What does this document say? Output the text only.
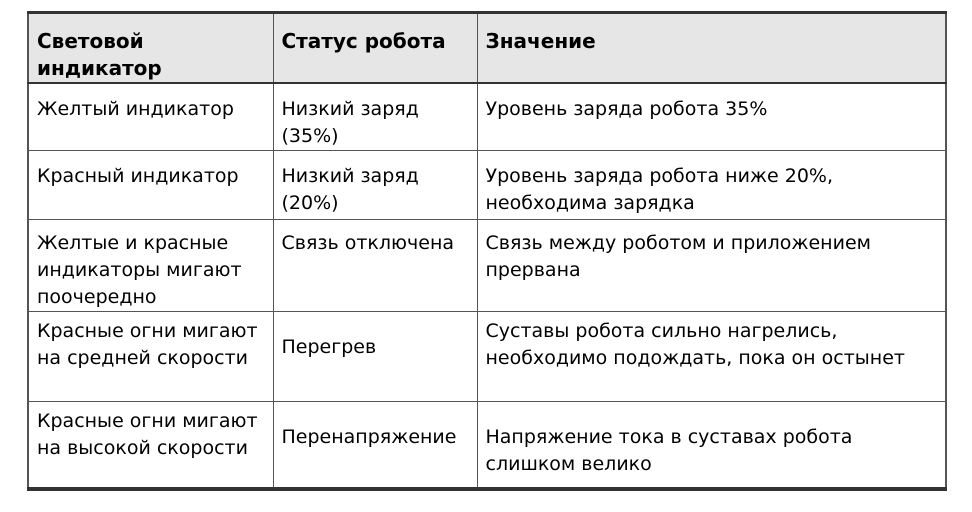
Световой индикатор	Статус робота	Значение
Желтый индикатор	Низкий заряд (35%)	Уровень заряда робота 35%
Красный индикатор	Низкий заряд (20%)	Уровень заряда робота ниже 20%, необходима зарядка
Желтые и красные индикаторы мигают поочередно	Связь отключена	Связь между роботом и приложением прервана
Красные огни мигают на средней скорости	Перегрев	Суставы робота сильно нагрелись, необходимо подождать, пока он остынет
Красные огни мигают на высокой скорости	Перенапряжение	Напряжение тока в суставах робота слишком велико
